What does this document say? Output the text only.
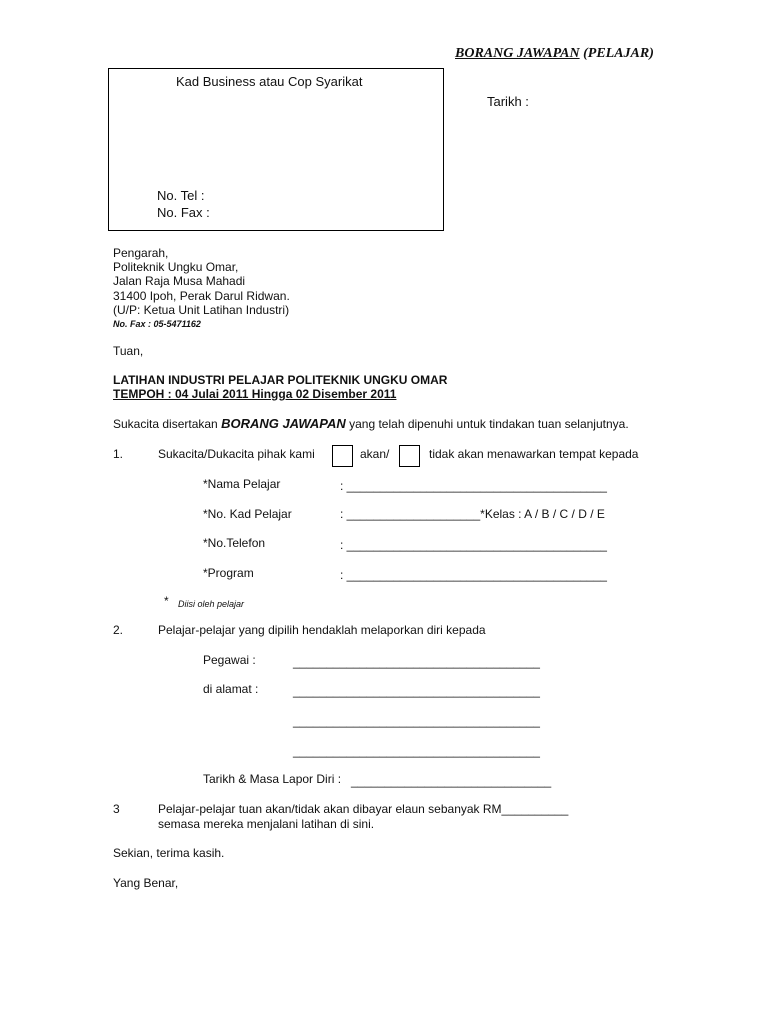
BORANG JAWAPAN (PELAJAR)
Kad Business atau Cop Syarikat
No. Tel :
No. Fax :
Tarikh :
Pengarah,
Politeknik Ungku Omar,
Jalan Raja Musa Mahadi
31400 Ipoh, Perak Darul Ridwan.
(U/P: Ketua Unit Latihan Industri)
No. Fax : 05-5471162
Tuan,
LATIHAN INDUSTRI PELAJAR POLITEKNIK UNGKU OMAR
TEMPOH : 04 Julai 2011 Hingga 02 Disember 2011
Sukacita disertakan BORANG JAWAPAN yang telah dipenuhi untuk tindakan tuan selanjutnya.
1.	Sukacita/Dukacita pihak kami	akan/	tidak akan menawarkan tempat kepada
*Nama Pelajar	: _______________________________________
*No. Kad Pelajar	: ____________________*Kelas : A / B / C / D / E
*No.Telefon	: _______________________________________
*Program	: _______________________________________
* Diisi oleh pelajar
2.	Pelajar-pelajar yang dipilih hendaklah melaporkan diri kepada
Pegawai :	_____________________________________
di alamat :	_____________________________________
_____________________________________
_____________________________________
Tarikh & Masa Lapor Diri : ______________________________
3	Pelajar-pelajar tuan akan/tidak akan dibayar elaun sebanyak RM__________
semasa mereka menjalani latihan di sini.
Sekian, terima kasih.
Yang Benar,
